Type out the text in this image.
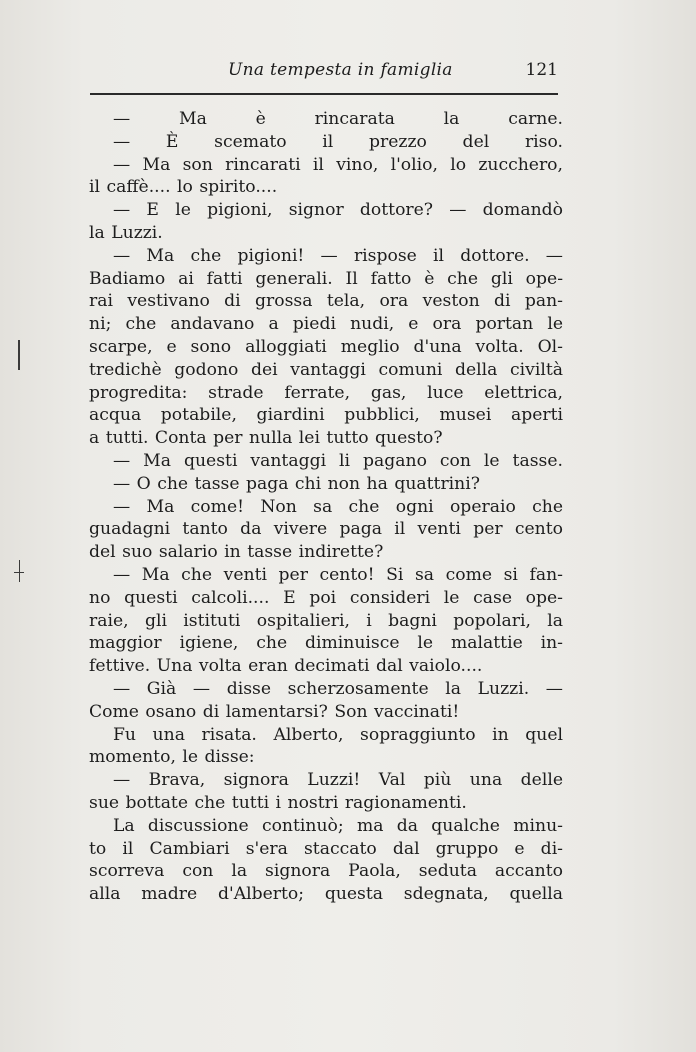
Una tempesta in famiglia	121
— Ma è rincarata la carne.
— È scemato il prezzo del riso.
— Ma son rincarati il vino, l'olio, lo zucchero,
il caffè.... lo spirito....
— E le pigioni, signor dottore? — domandò
la Luzzi.
— Ma che pigioni! — rispose il dottore. —
Badiamo ai fatti generali. Il fatto è che gli ope-
rai vestivano di grossa tela, ora veston di pan-
ni; che andavano a piedi nudi, e ora portan le
scarpe, e sono alloggiati meglio d'una volta. Ol-
tredichè godono dei vantaggi comuni della civiltà
progredita: strade ferrate, gas, luce elettrica,
acqua potabile, giardini pubblici, musei aperti
a tutti. Conta per nulla lei tutto questo?
— Ma questi vantaggi li pagano con le tasse.
— O che tasse paga chi non ha quattrini?
— Ma come! Non sa che ogni operaio che
guadagni tanto da vivere paga il venti per cento
del suo salario in tasse indirette?
— Ma che venti per cento! Si sa come si fan-
no questi calcoli.... E poi consideri le case ope-
raie, gli istituti ospitalieri, i bagni popolari, la
maggior igiene, che diminuisce le malattie in-
fettive. Una volta eran decimati dal vaiolo....
— Già — disse scherzosamente la Luzzi. —
Come osano di lamentarsi? Son vaccinati!
Fu una risata. Alberto, sopraggiunto in quel
momento, le disse:
— Brava, signora Luzzi! Val più una delle
sue bottate che tutti i nostri ragionamenti.
La discussione continuò; ma da qualche minu-
to il Cambiari s'era staccato dal gruppo e di-
scorreva con la signora Paola, seduta accanto
alla madre d'Alberto; questa sdegnata, quella
